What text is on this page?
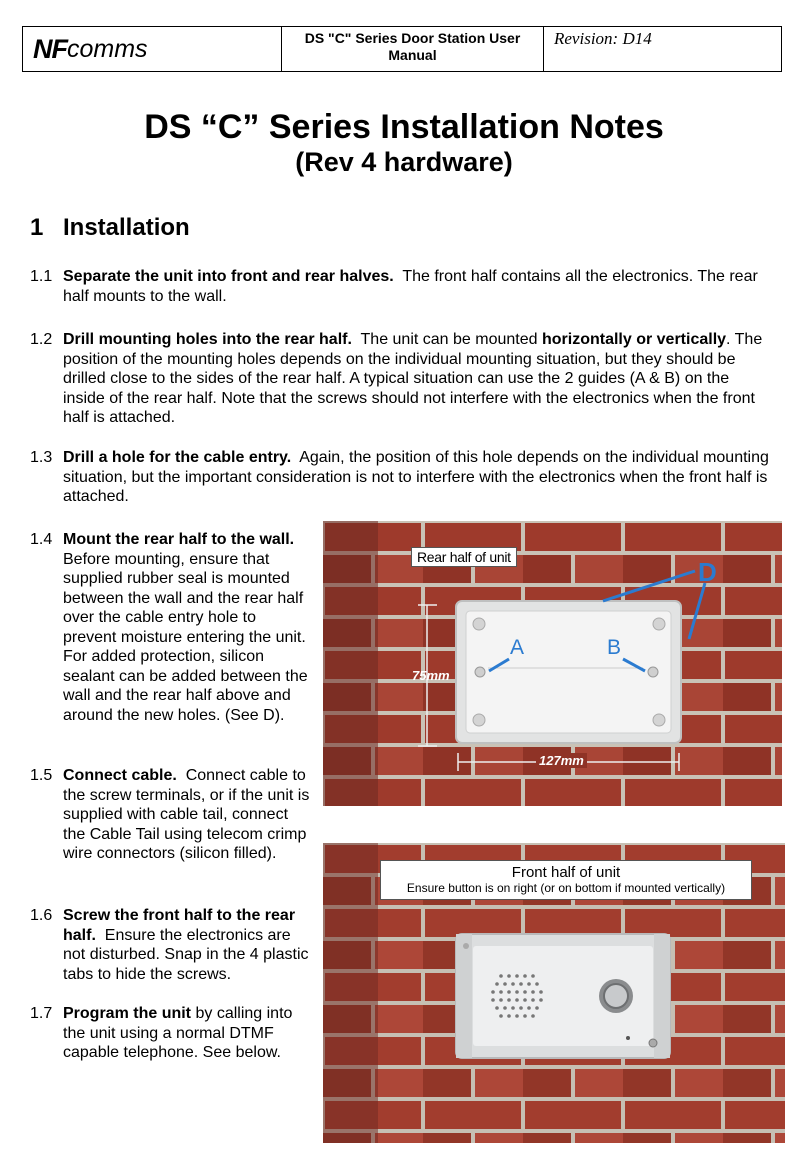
NF comms	DS "C" Series Door Station User Manual
Revision: D14
DS “C” Series Installation Notes
(Rev 4 hardware)
1 Installation
1.1 Separate the unit into front and rear halves. The front half contains all the electronics. The rear half mounts to the wall.
1.2 Drill mounting holes into the rear half. The unit can be mounted horizontally or vertically. The position of the mounting holes depends on the individual mounting situation, but they should be drilled close to the sides of the rear half. A typical situation can use the 2 guides (A & B) on the inside of the rear half. Note that the screws should not interfere with the electronics when the front half is attached.
1.3 Drill a hole for the cable entry. Again, the position of this hole depends on the individual mounting situation, but the important consideration is not to interfere with the electronics when the front half is attached.
1.4 Mount the rear half to the wall. Before mounting, ensure that supplied rubber seal is mounted between the wall and the rear half over the cable entry hole to prevent moisture entering the unit. For added protection, silicon sealant can be added between the wall and the rear half above and around the new holes. (See D).
1.5 Connect cable. Connect cable to the screw terminals, or if the unit is supplied with cable tail, connect the Cable Tail using telecom crimp wire connectors (silicon filled).
1.6 Screw the front half to the rear half. Ensure the electronics are not disturbed. Snap in the 4 plastic tabs to hide the screws.
1.7 Program the unit by calling into the unit using a normal DTMF capable telephone. See below.
Rear half of unit
A	B
D
75mm
127mm
Front half of unit
Ensure button is on right (or on bottom if mounted vertically)
